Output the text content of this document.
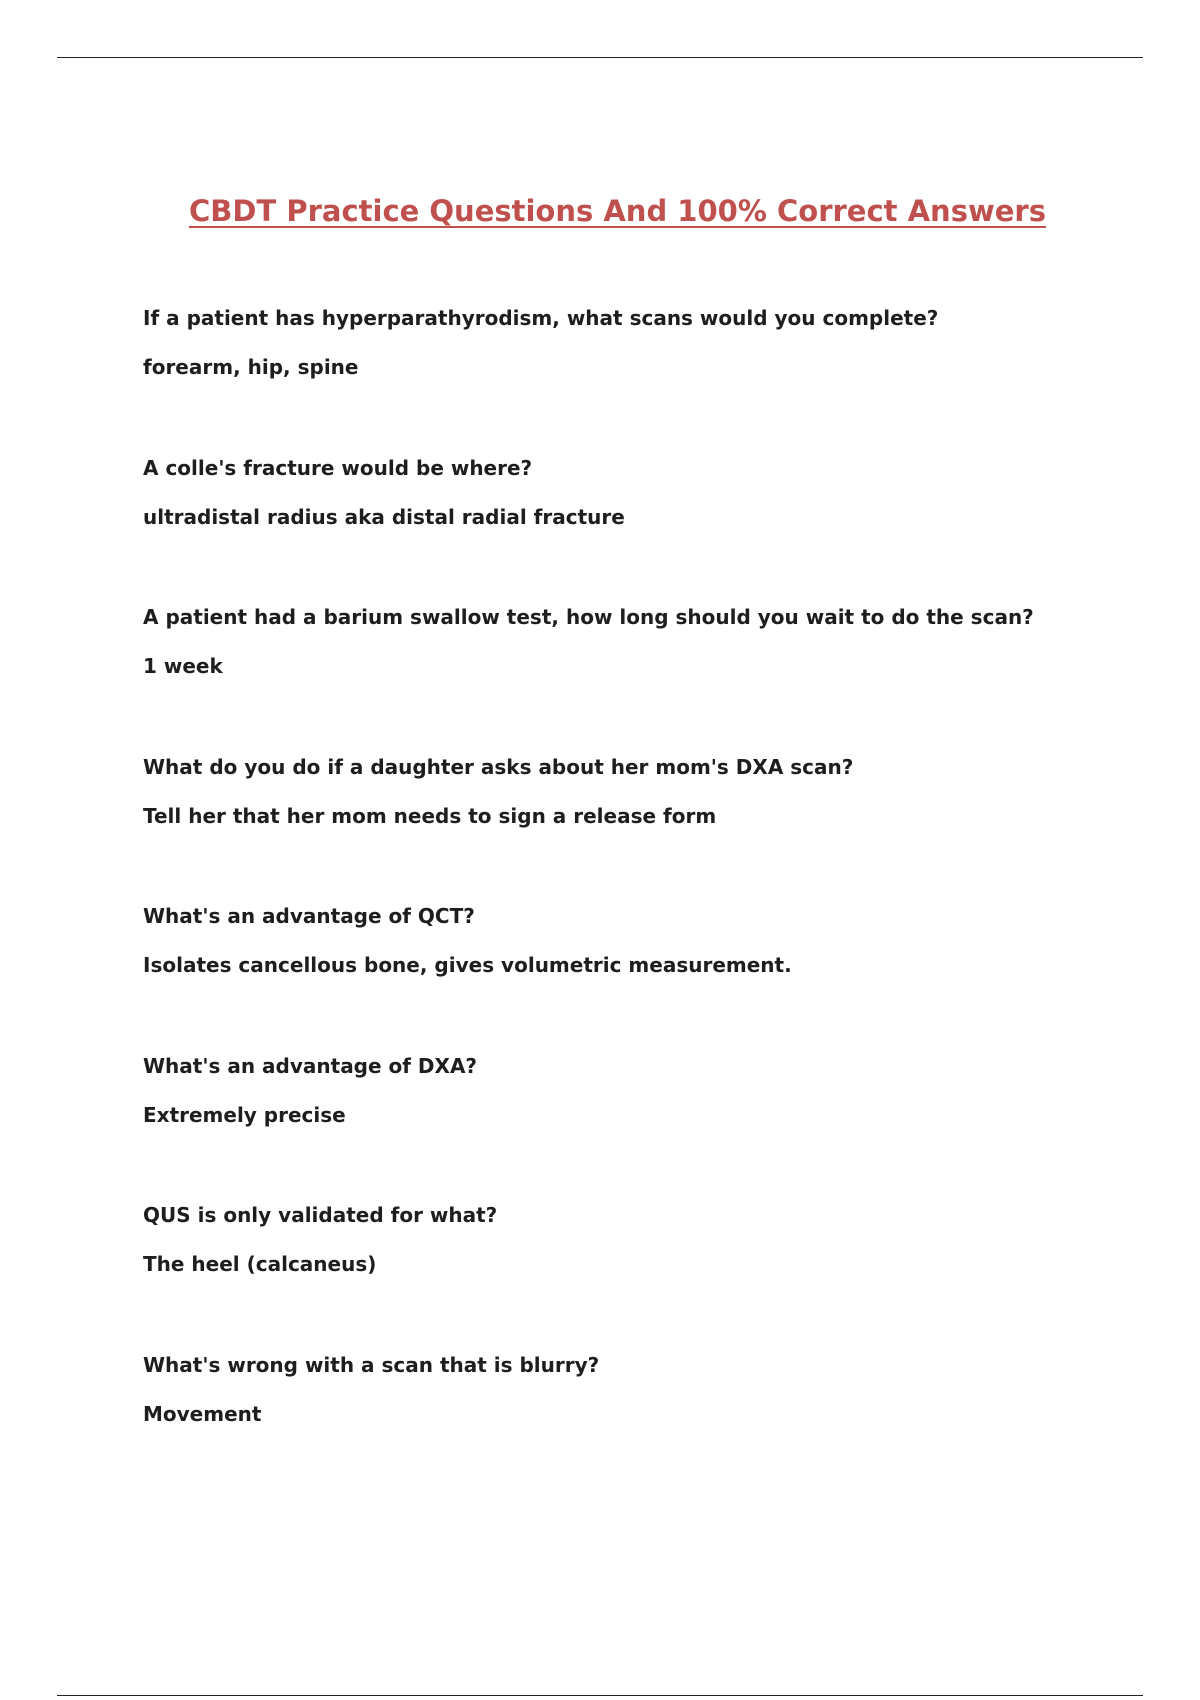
CBDT Practice Questions And 100% Correct Answers

If a patient has hyperparathyrodism, what scans would you complete?

forearm, hip, spine

A colle's fracture would be where?

ultradistal radius aka distal radial fracture

A patient had a barium swallow test, how long should you wait to do the scan?

1 week

What do you do if a daughter asks about her mom's DXA scan?

Tell her that her mom needs to sign a release form

What's an advantage of QCT?

Isolates cancellous bone, gives volumetric measurement.

What's an advantage of DXA?

Extremely precise

QUS is only validated for what?

The heel (calcaneus)

What's wrong with a scan that is blurry?

Movement
